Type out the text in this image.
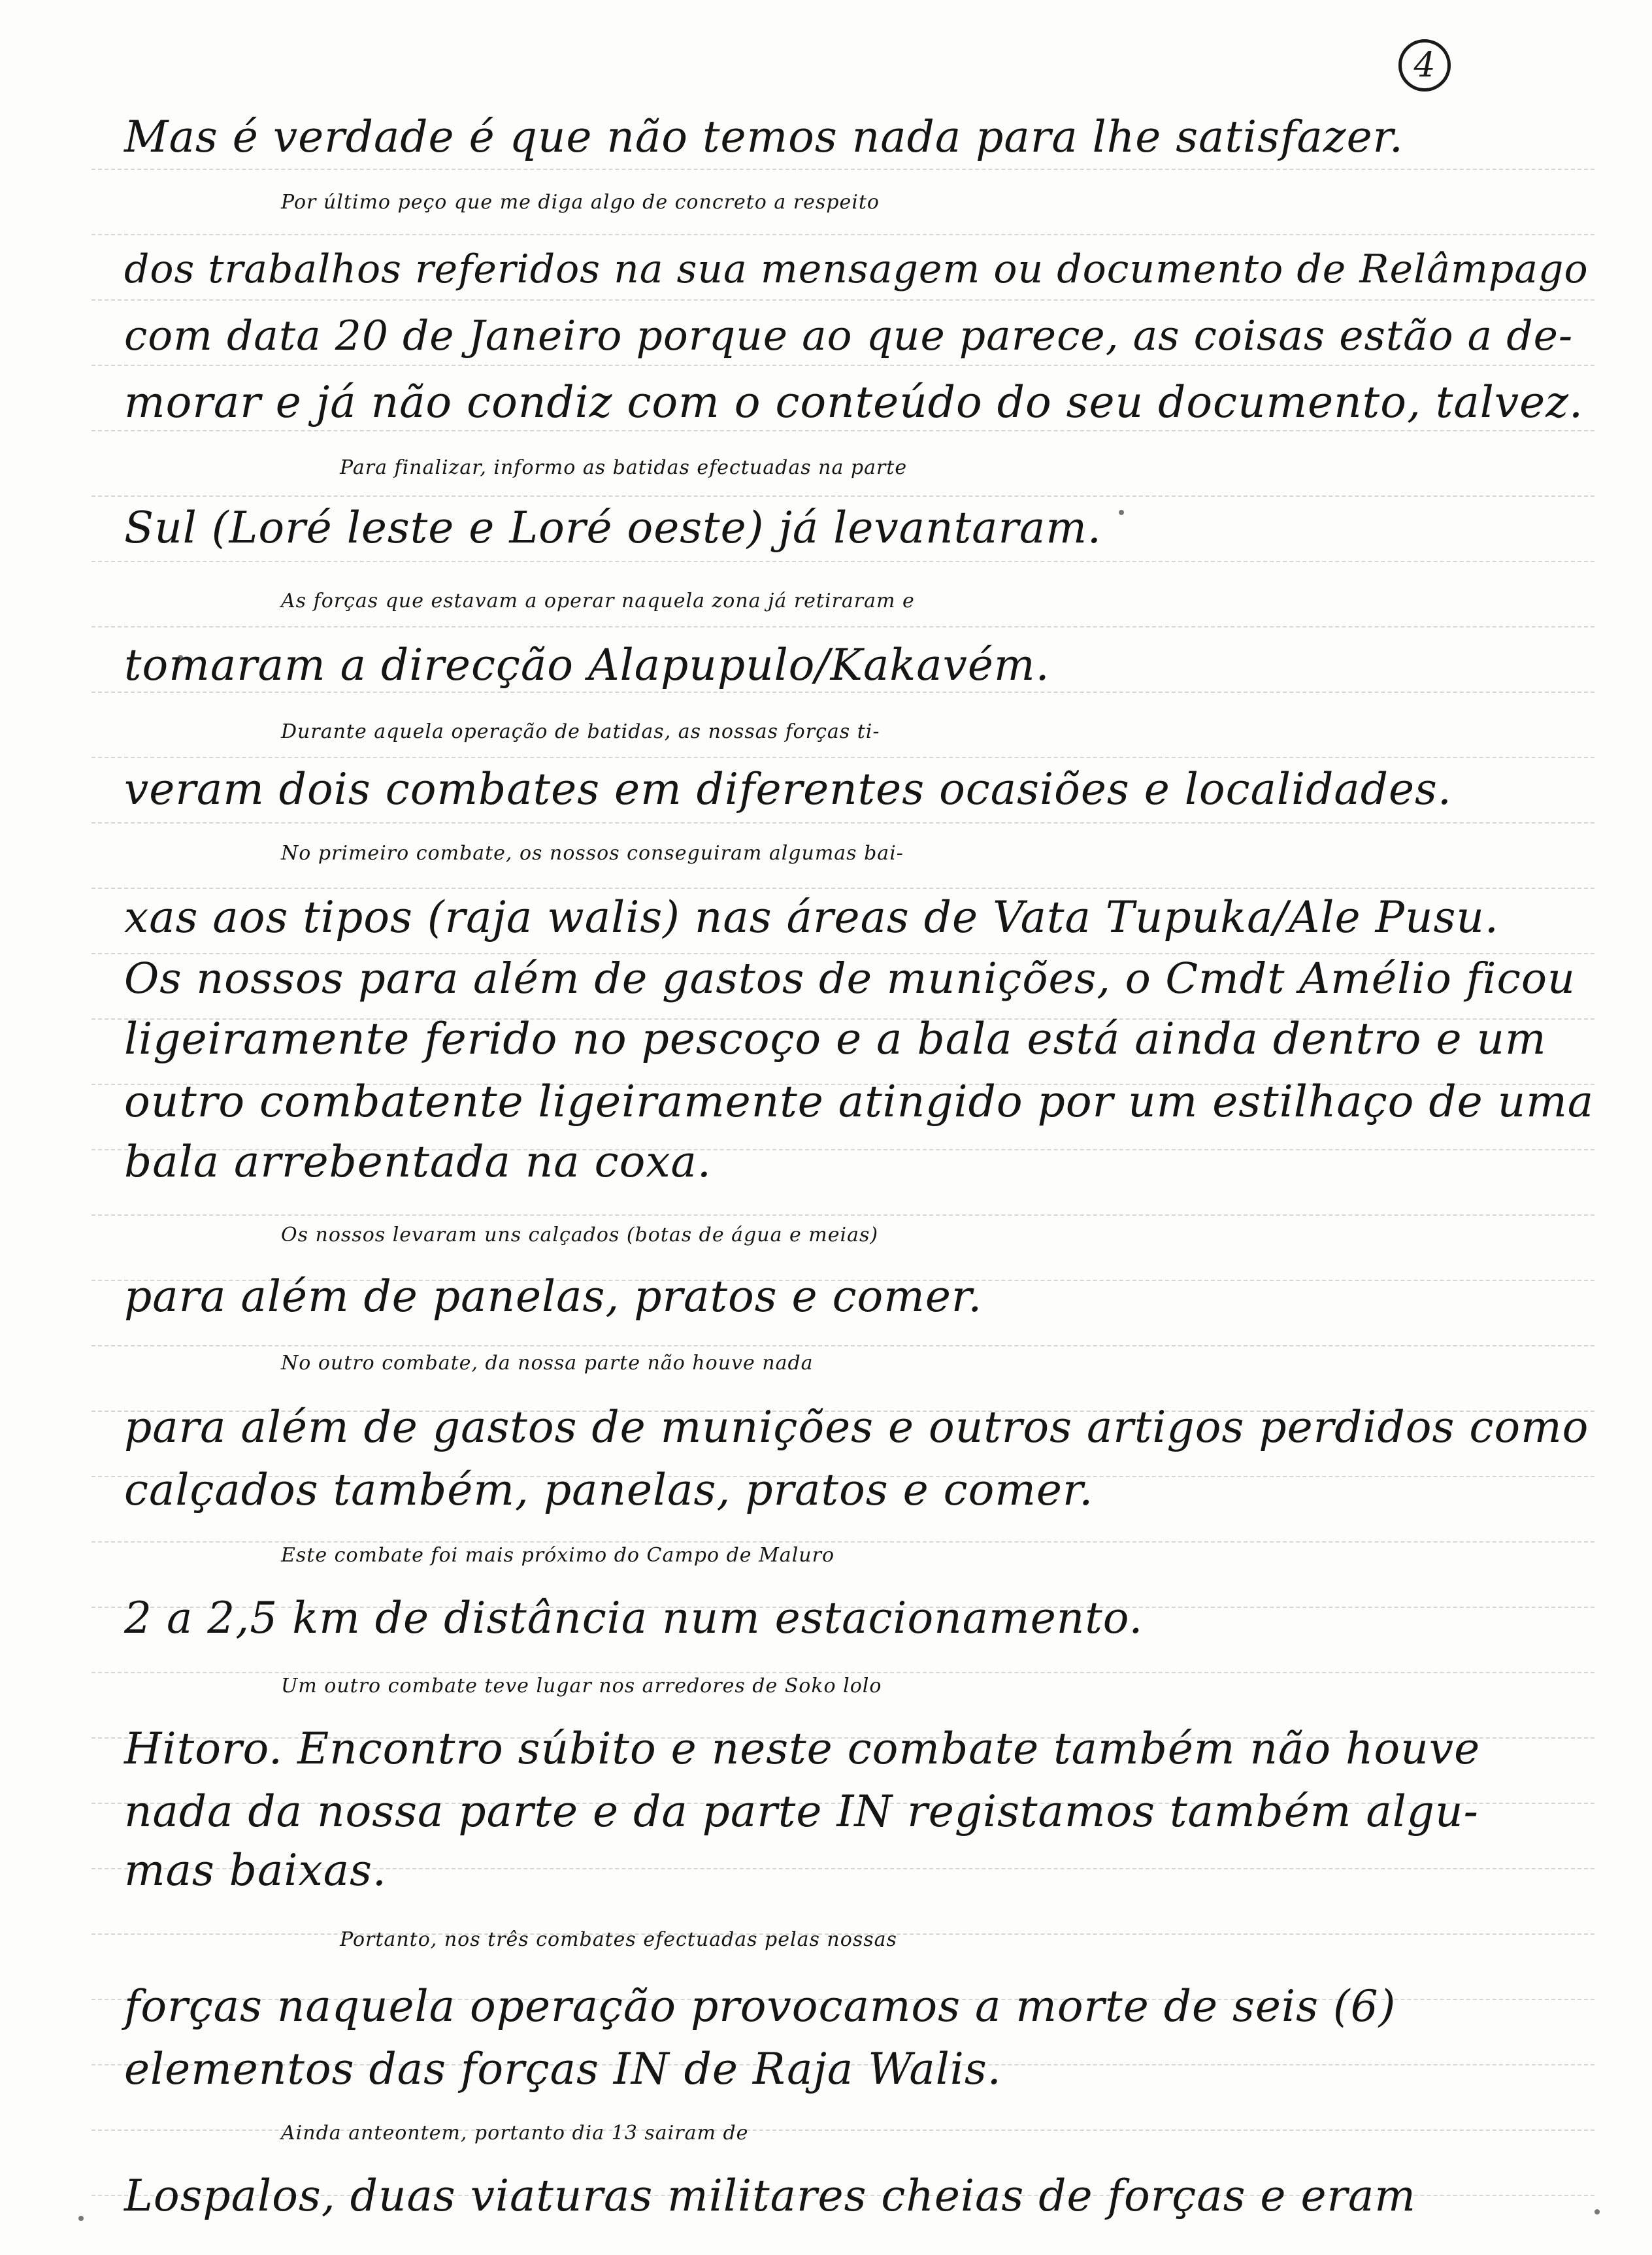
4
Mas é verdade é que não temos nada para lhe satisfazer.
Por último peço que me diga algo de concreto a respeito
dos trabalhos referidos na sua mensagem ou documento de Relâmpago
com data 20 de Janeiro porque ao que parece, as coisas estão a de-
morar e já não condiz com o conteúdo do seu documento, talvez.
Para finalizar, informo as batidas efectuadas na parte
Sul (Loré leste e Loré oeste) já levantaram.
As forças que estavam a operar naquela zona já retiraram e
tomaram a direcção Alapupulo/Kakavém.
Durante aquela operação de batidas, as nossas forças ti-
veram dois combates em diferentes ocasiões e localidades.
No primeiro combate, os nossos conseguiram algumas bai-
xas aos tipos (raja walis) nas áreas de Vata Tupuka/Ale Pusu.
Os nossos para além de gastos de munições, o Cmdt Amélio ficou
ligeiramente ferido no pescoço e a bala está ainda dentro e um
outro combatente ligeiramente atingido por um estilhaço de uma
bala arrebentada na coxa.
Os nossos levaram uns calçados (botas de água e meias)
para além de panelas, pratos e comer.
No outro combate, da nossa parte não houve nada
para além de gastos de munições e outros artigos perdidos como
calçados também, panelas, pratos e comer.
Este combate foi mais próximo do Campo de Maluro
2 a 2,5 km de distância num estacionamento.
Um outro combate teve lugar nos arredores de Soko lolo
Hitoro. Encontro súbito e neste combate também não houve
nada da nossa parte e da parte IN registamos também algu-
mas baixas.
Portanto, nos três combates efectuadas pelas nossas
forças naquela operação provocamos a morte de seis (6)
elementos das forças IN de Raja Walis.
Ainda anteontem, portanto dia 13 sairam de
Lospalos, duas viaturas militares cheias de forças e eram
